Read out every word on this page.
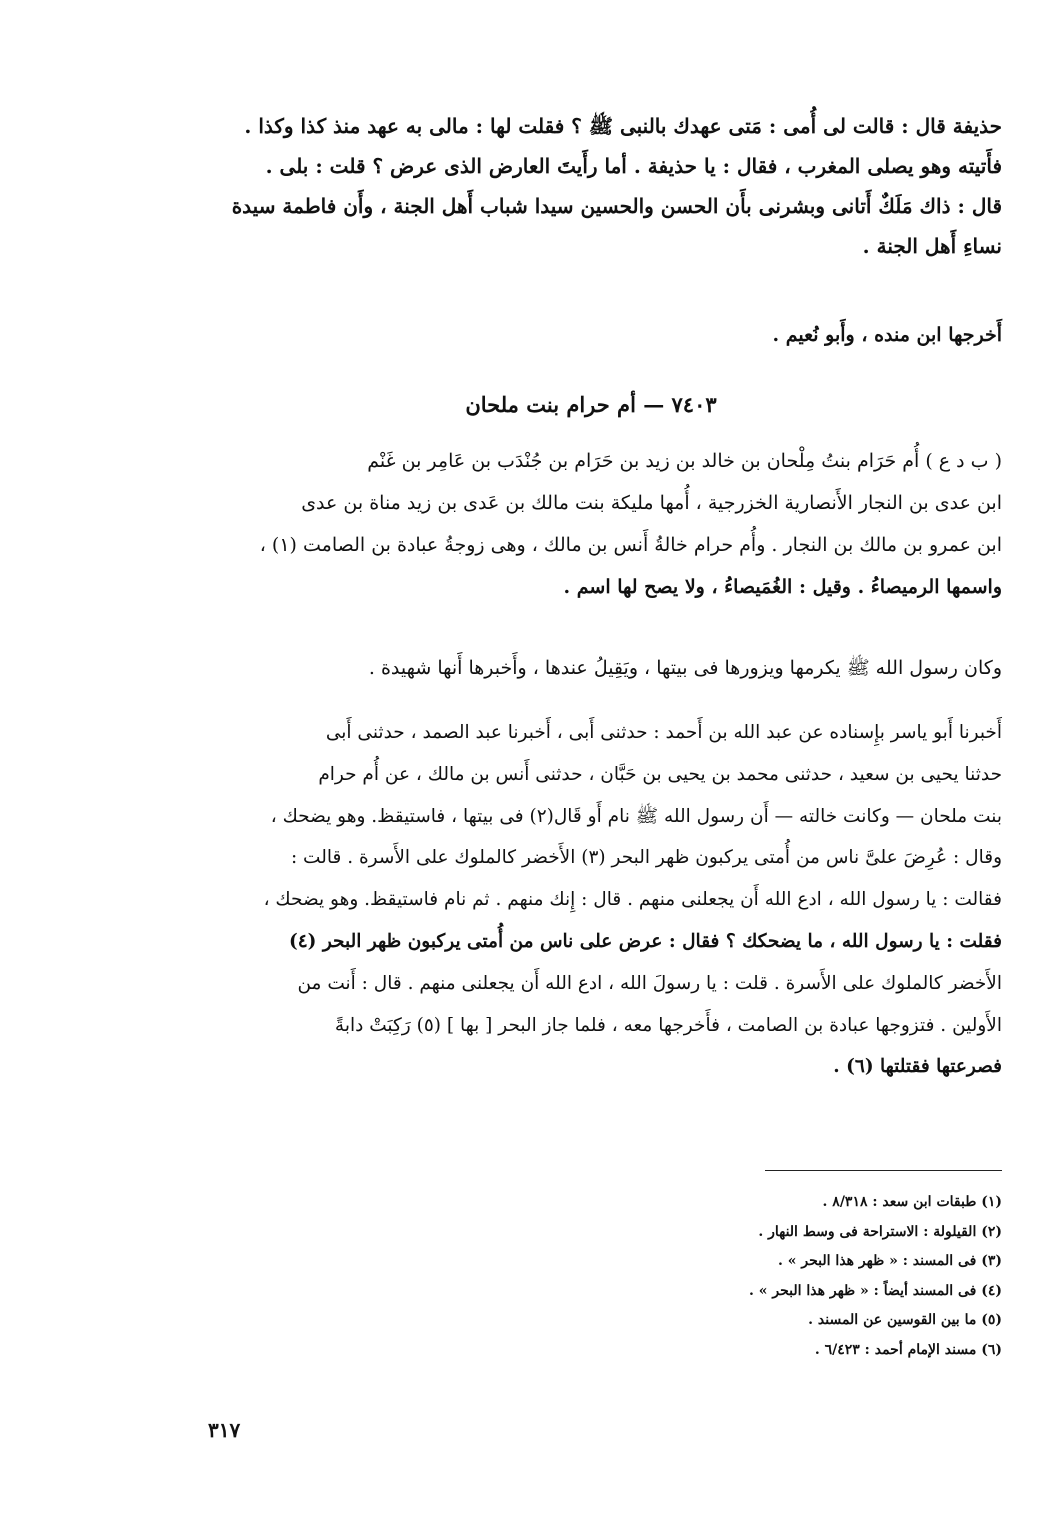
حذيفة قال : قالت لى أُمى : مَتى عهدك بالنبى ﷺ ؟ فقلت لها : مالى به عهد منذ كذا وكذا .
فأَتيته وهو يصلى المغرب ، فقال : يا حذيفة . أما رأَيتَ العارض الذى عرض ؟ قلت : بلى .
قال : ذاك مَلَكٌ أَتانى وبشرنى بأَن الحسن والحسين سيدا شباب أَهل الجنة ، وأَن فاطمة سيدة
نساءِ أَهل الجنة .
أَخرجها ابن منده ، وأَبو نُعيم .
٧٤٠٣ — أم حرام بنت ملحان
( ب د ع ) أُم حَرَام بنتُ مِلْحان بن خالد بن زيد بن حَرَام بن جُنْدَب بن عَامِر بن غَنْم
ابن عدى بن النجار الأَنصارية الخزرجية ، أُمها مليكة بنت مالك بن عَدى بن زيد مناة بن عدى
ابن عمرو بن مالك بن النجار . وأُم حرام خالةُ أَنس بن مالك ، وهى زوجةُ عبادة بن الصامت (١) ،
واسمها الرميصاءُ . وقيل : الغُمَيصاءُ ، ولا يصح لها اسم .
وكان رسول الله ﷺ يكرمها ويزورها فى بيتها ، ويَقِيلُ عندها ، وأَخبرها أَنها شهيدة .
أَخبرنا أَبو ياسر بإِسناده عن عبد الله بن أَحمد : حدثنى أَبى ، أَخبرنا عبد الصمد ، حدثنى أَبى
حدثنا يحيى بن سعيد ، حدثنى محمد بن يحيى بن حَبَّان ، حدثنى أَنس بن مالك ، عن أُم حرام
بنت ملحان — وكانت خالته — أَن رسول الله ﷺ نام أَو قَال(٢) فى بيتها ، فاستيقظ. وهو يضحك ،
وقال : عُرِضَ علىَّ ناس من أُمتى يركبون ظهر البحر (٣) الأَخضر كالملوك على الأَسرة . قالت :
فقالت : يا رسول الله ، ادع الله أَن يجعلنى منهم . قال : إِنك منهم . ثم نام فاستيقظ. وهو يضحك ،
فقلت : يا رسول الله ، ما يضحكك ؟ فقال : عرض على ناس من أُمتى يركبون ظهر البحر (٤)
الأَخضر كالملوك على الأَسرة . قلت : يا رسولَ الله ، ادع الله أَن يجعلنى منهم . قال : أَنت من
الأَولين . فتزوجها عبادة بن الصامت ، فأَخرجها معه ، فلما جاز البحر [ بها ] (٥) رَكِبَتْ دابةً
فصرعتها فقتلتها (٦) .
(١) طبقات ابن سعد : ٨/٣١٨ .
(٢) القيلولة : الاستراحة فى وسط النهار .
(٣) فى المسند : « ظهر هذا البحر » .
(٤) فى المسند أيضاً : « ظهر هذا البحر » .
(٥) ما بين القوسين عن المسند .
(٦) مسند الإمام أحمد : ٦/٤٢٣ .
٣١٧
